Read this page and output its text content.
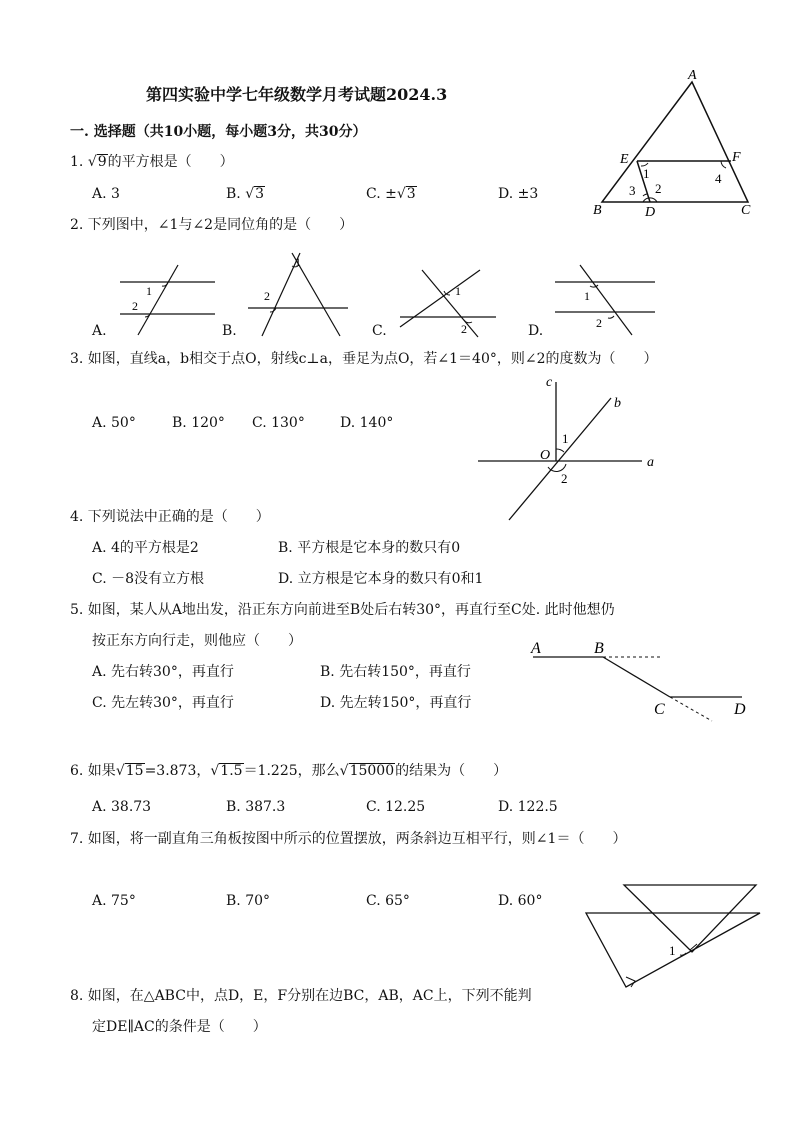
第四实验中学七年级数学月考试题2024.3
一. 选择题（共10小题，每小题3分，共30分）
A
E	F
B	D	C
1
2
3
4
1. √9的平方根是（　　）
A. 3	B. √3	C. ±√3	D. ±3
2. 下列图中，∠1与∠2是同位角的是（　　）
1
2
A.
1
2
B.
1
2
C.
1
2
D.
3. 如图，直线a，b相交于点O，射线c⊥a，垂足为点O，若∠1＝40°，则∠2的度数为（　　）
A. 50°	B. 120° C. 130°	D. 140°
c
b
a
O
1
2
4. 下列说法中正确的是（　　）
A. 4的平方根是2	B. 平方根是它本身的数只有0
C. －8没有立方根	D. 立方根是它本身的数只有0和1
5. 如图，某人从A地出发，沿正东方向前进至B处后右转30°，再直行至C处. 此时他想仍
按正东方向行走，则他应（　　）
A. 先右转30°，再直行	B. 先右转150°，再直行
C. 先左转30°，再直行	D. 先左转150°，再直行
A	B
C	D
6. 如果√15=3.873，√1.5＝1.225，那么√15000的结果为（　　）
A. 38.73	B. 387.3	C. 12.25	D. 122.5
7. 如图，将一副直角三角板按图中所示的位置摆放，两条斜边互相平行，则∠1＝（　　）
A. 75°	B. 70°	C. 65°	D. 60°
1
8. 如图，在△ABC中，点D，E，F分别在边BC，AB，AC上，下列不能判
定DE∥AC的条件是（　　）
